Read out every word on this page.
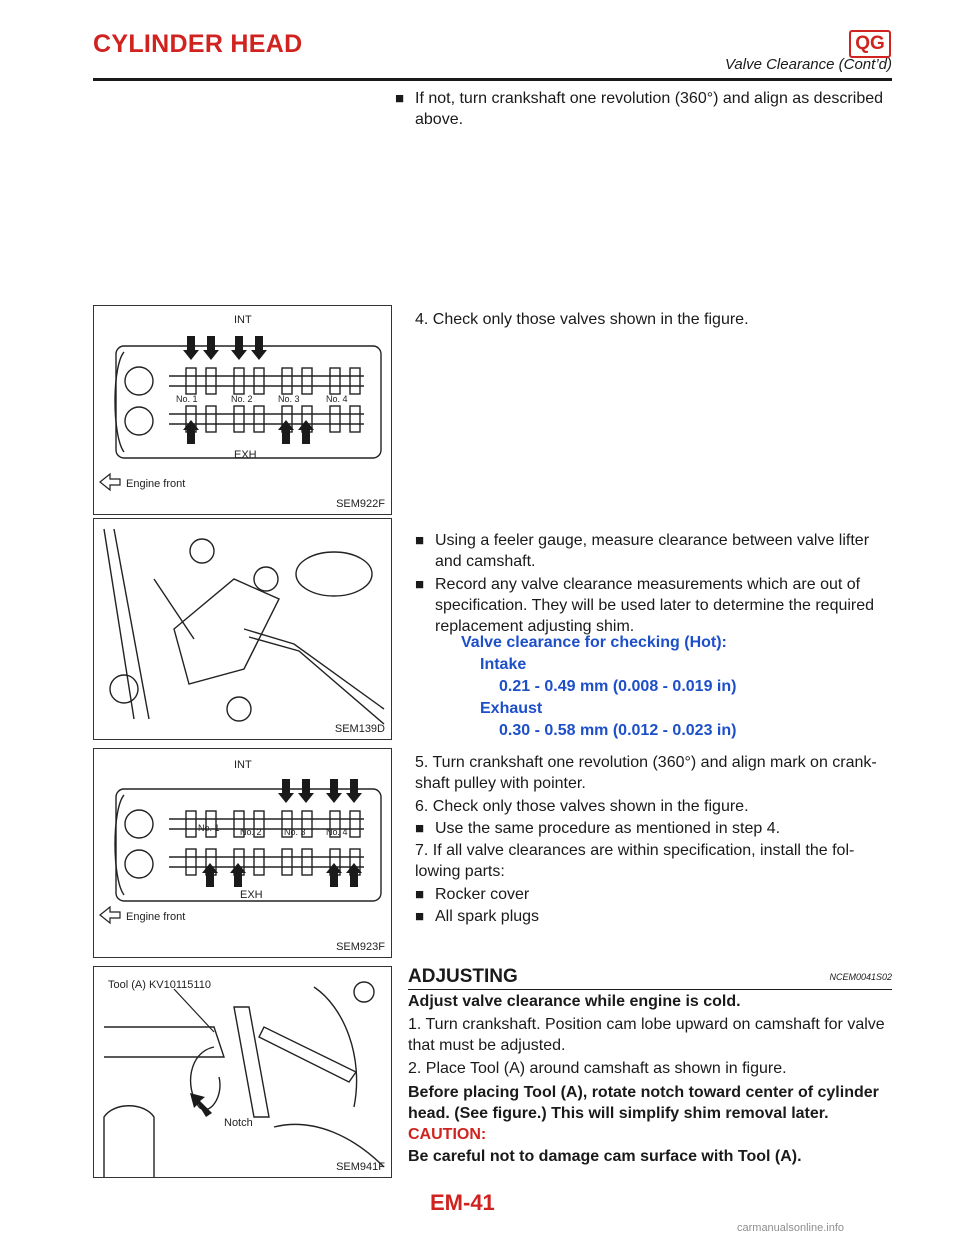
CYLINDER HEAD	QG
Valve Clearance (Cont’d)
■ If not, turn crankshaft one revolution (360°) and align as described above.
INT
EXH
Engine front
No. 1	No. 2	No. 3	No. 4
SEM922F
4. Check only those valves shown in the figure.
SEM139D
■ Using a feeler gauge, measure clearance between valve lifter and camshaft.
■ Record any valve clearance measurements which are out of specification. They will be used later to determine the required replacement adjusting shim.
Valve clearance for checking (Hot):
Intake
0.21 - 0.49 mm (0.008 - 0.019 in)
Exhaust
0.30 - 0.58 mm (0.012 - 0.023 in)
INT
EXH
Engine front
No. 1 No. 2 No. 3 No. 4
SEM923F
5. Turn crankshaft one revolution (360°) and align mark on crank-shaft pulley with pointer.
6. Check only those valves shown in the figure.
■ Use the same procedure as mentioned in step 4.
7. If all valve clearances are within specification, install the fol-lowing parts:
■ Rocker cover
■ All spark plugs
Tool (A) KV10115110
Notch
SEM941F
ADJUSTING	NCEM0041S02
Adjust valve clearance while engine is cold.
1. Turn crankshaft. Position cam lobe upward on camshaft for valve that must be adjusted.
2. Place Tool (A) around camshaft as shown in figure.
Before placing Tool (A), rotate notch toward center of cylinder head. (See figure.) This will simplify shim removal later.
CAUTION:
Be careful not to damage cam surface with Tool (A).
EM-41
carmanualsonline.info
